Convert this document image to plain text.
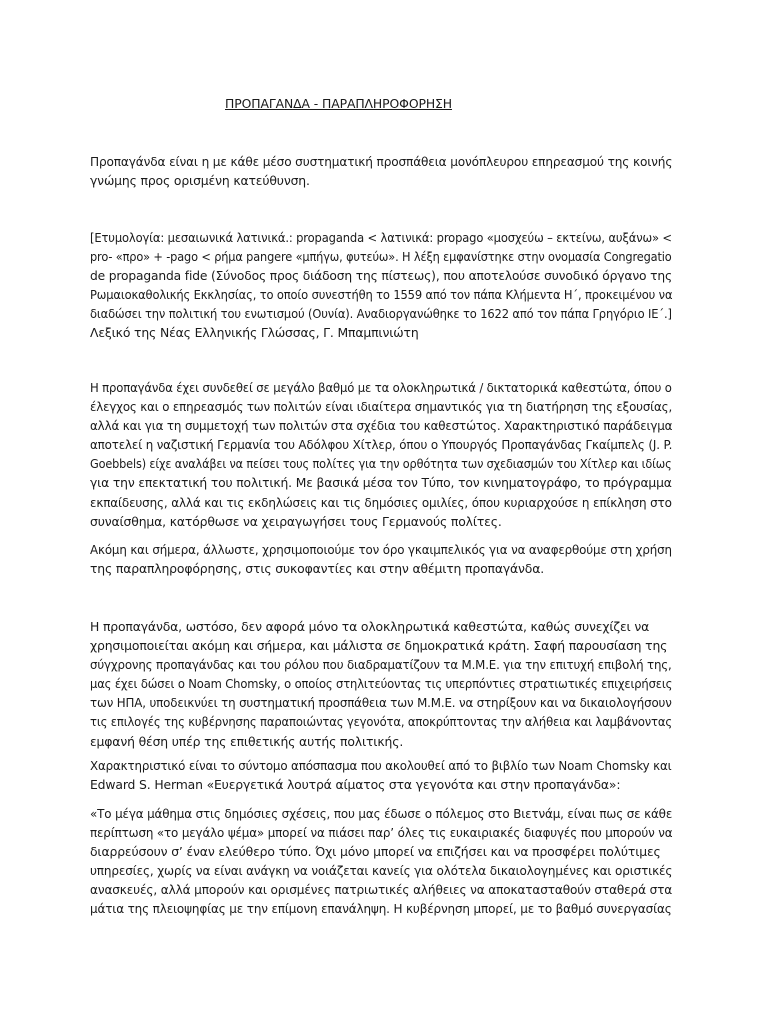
ΠΡΟΠΑΓΑΝΔΑ - ΠΑΡΑΠΛΗΡΟΦΟΡΗΣΗ
Προπαγάνδα είναι η με κάθε μέσο συστηματική προσπάθεια μονόπλευρου επηρεασμού της κοινής
γνώμης προς ορισμένη κατεύθυνση.
[Ετυμολογία: μεσαιωνικά λατινικά.: propaganda < λατινικά: propago «μοσχεύω – εκτείνω, αυξάνω» <
pro- «προ» + -pago < ρήμα pangere «μπήγω, φυτεύω». Η λέξη εμφανίστηκε στην ονομασία Congregatio
de propaganda fide (Σύνοδος προς διάδοση της πίστεως), που αποτελούσε συνοδικό όργανο της
Ρωμαιοκαθολικής Εκκλησίας, το οποίο συνεστήθη το 1559 από τον πάπα Κλήμεντα Η΄, προκειμένου να
διαδώσει την πολιτική του ενωτισμού (Ουνία). Αναδιοργανώθηκε το 1622 από τον πάπα Γρηγόριο ΙΕ΄.]
Λεξικό της Νέας Ελληνικής Γλώσσας, Γ. Μπαμπινιώτη
Η προπαγάνδα έχει συνδεθεί σε μεγάλο βαθμό με τα ολοκληρωτικά / δικτατορικά καθεστώτα, όπου ο
έλεγχος και ο επηρεασμός των πολιτών είναι ιδιαίτερα σημαντικός για τη διατήρηση της εξουσίας,
αλλά και για τη συμμετοχή των πολιτών στα σχέδια του καθεστώτος. Χαρακτηριστικό παράδειγμα
αποτελεί η ναζιστική Γερμανία του Αδόλφου Χίτλερ, όπου ο Υπουργός Προπαγάνδας Γκαίμπελς (J. P.
Goebbels) είχε αναλάβει να πείσει τους πολίτες για την ορθότητα των σχεδιασμών του Χίτλερ και ιδίως
για την επεκτατική του πολιτική. Με βασικά μέσα τον Τύπο, τον κινηματογράφο, το πρόγραμμα
εκπαίδευσης, αλλά και τις εκδηλώσεις και τις δημόσιες ομιλίες, όπου κυριαρχούσε η επίκληση στο
συναίσθημα, κατόρθωσε να χειραγωγήσει τους Γερμανούς πολίτες.
Ακόμη και σήμερα, άλλωστε, χρησιμοποιούμε τον όρο γκαιμπελικός για να αναφερθούμε στη χρήση
της παραπληροφόρησης, στις συκοφαντίες και στην αθέμιτη προπαγάνδα.
Η προπαγάνδα, ωστόσο, δεν αφορά μόνο τα ολοκληρωτικά καθεστώτα, καθώς συνεχίζει να
χρησιμοποιείται ακόμη και σήμερα, και μάλιστα σε δημοκρατικά κράτη. Σαφή παρουσίαση της
σύγχρονης προπαγάνδας και του ρόλου που διαδραματίζουν τα Μ.Μ.Ε. για την επιτυχή επιβολή της,
μας έχει δώσει ο Noam Chomsky, ο οποίος στηλιτεύοντας τις υπερπόντιες στρατιωτικές επιχειρήσεις
των ΗΠΑ, υποδεικνύει τη συστηματική προσπάθεια των Μ.Μ.Ε. να στηρίξουν και να δικαιολογήσουν
τις επιλογές της κυβέρνησης παραποιώντας γεγονότα, αποκρύπτοντας την αλήθεια και λαμβάνοντας
εμφανή θέση υπέρ της επιθετικής αυτής πολιτικής.
Χαρακτηριστικό είναι το σύντομο απόσπασμα που ακολουθεί από το βιβλίο των Noam Chomsky και
Edward S. Herman «Ευεργετικά λουτρά αίματος στα γεγονότα και στην προπαγάνδα»:
«Το μέγα μάθημα στις δημόσιες σχέσεις, που μας έδωσε ο πόλεμος στο Βιετνάμ, είναι πως σε κάθε
περίπτωση «το μεγάλο ψέμα» μπορεί να πιάσει παρ’ όλες τις ευκαιριακές διαφυγές που μπορούν να
διαρρεύσουν σ’ έναν ελεύθερο τύπο. Όχι μόνο μπορεί να επιζήσει και να προσφέρει πολύτιμες
υπηρεσίες, χωρίς να είναι ανάγκη να νοιάζεται κανείς για ολότελα δικαιολογημένες και οριστικές
ανασκευές, αλλά μπορούν και ορισμένες πατριωτικές αλήθειες να αποκατασταθούν σταθερά στα
μάτια της πλειοψηφίας με την επίμονη επανάληψη. Η κυβέρνηση μπορεί, με το βαθμό συνεργασίας
